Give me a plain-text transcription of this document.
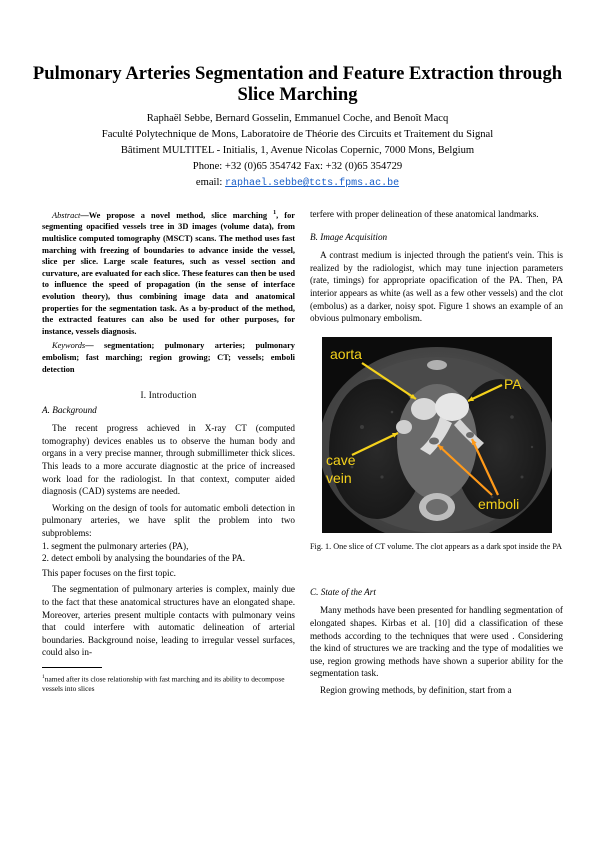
Pulmonary Arteries Segmentation and Feature Extraction through Slice Marching
Raphaël Sebbe, Bernard Gosselin, Emmanuel Coche, and Benoît Macq
Faculté Polytechnique de Mons, Laboratoire de Théorie des Circuits et Traitement du Signal
Bâtiment MULTITEL - Initialis, 1, Avenue Nicolas Copernic, 7000 Mons, Belgium
Phone: +32 (0)65 354742 Fax: +32 (0)65 354729
email: raphael.sebbe@tcts.fpms.ac.be

Abstract—We propose a novel method, slice marching $^1$, for segmenting opacified vessels tree in 3D images (volume data), from multislice computed tomography (MSCT) scans. The method uses fast marching with freezing of boundaries to advance inside the vessel, slice per slice. Large scale features, such as vessel section and curvature, are evaluated for each slice. These features can then be used to influence the speed of propagation (in the sense of interface evolution theory), thus combining image data and anatomical properties for the segmentation task. As a by-product of the method, the extracted features can also be used for other purposes, for instance, vessels diagnosis.

Keywords— segmentation; pulmonary arteries; pulmonary embolism; fast marching; region growing; CT; vessels; emboli detection

I. Introduction

A. Background

The recent progress achieved in X-ray CT (computed tomography) devices enables us to observe the human body and organs in a very precise manner, through submillimeter thick slices. This leads to a more accurate diagnostic at the price of increased work load for the radiologist. In that context, computer aided diagnosis (CAD) systems are needed.

Working on the design of tools for automatic emboli detection in pulmonary arteries, we have split the problem into two subproblems:

1. segment the pulmonary arteries (PA),
2. detect emboli by analysing the boundaries of the PA.

This paper focuses on the first topic.

The segmentation of pulmonary arteries is complex, mainly due to the fact that these anatomical structures have an elongated shape. Moreover, arteries present multiple contacts with pulmonary veins that could interfere with automatic delineation of arterial boundaries. Background noise, leading to irregular vessel surfaces, could also in-

$^1$named after its close relationship with fast marching and its ability to decompose vessels into slices

terfere with proper delineation of these anatomical landmarks.

B. Image Acquisition

A contrast medium is injected through the patient's vein. This is realized by the radiologist, which may tune injection parameters (rate, timings) for appropriate opacification of the PA. Then, PA interior appears as white (as well as a few other vessels) and the clot (embolus) as a darker, noisy spot. Figure 1 shows an example of an obvious pulmonary embolism.

aorta
PA
cave
vein
emboli

Fig. 1. One slice of CT volume. The clot appears as a dark spot inside the PA

C. State of the Art

Many methods have been presented for handling segmentation of elongated shapes. Kirbas et al. [10] did a classification of these methods according to the techniques that were used . Considering the kind of structures we are tracking and the type of modalities we use, region growing methods have shown a superior ability for the segmentation task.

Region growing methods, by definition, start from a
